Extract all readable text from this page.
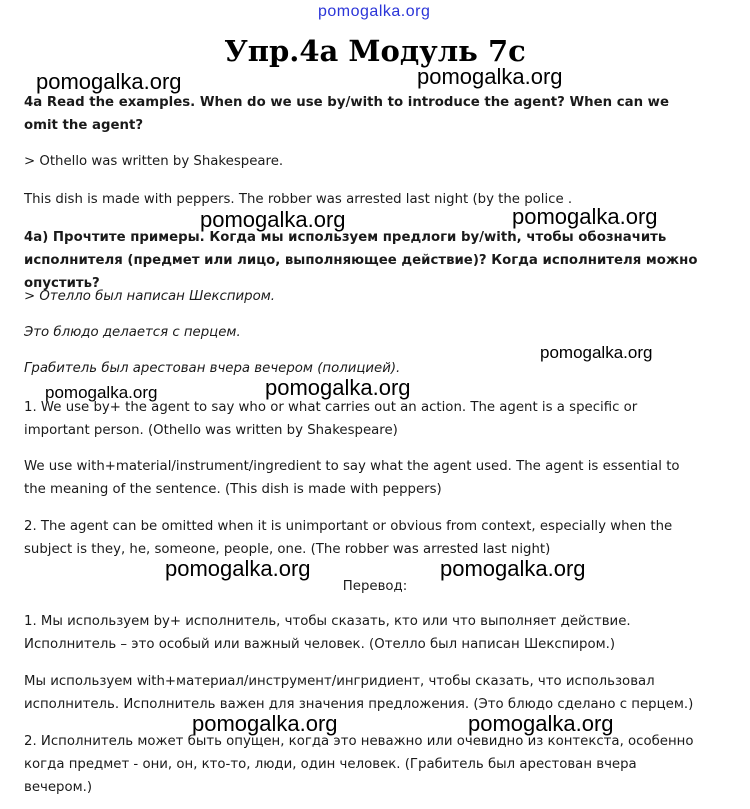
pomogalka.org
pomogalka.org	pomogalka.org
pomogalka.org	pomogalka.org
pomogalka.org
pomogalka.org	pomogalka.org
pomogalka.org	pomogalka.org
pomogalka.org	pomogalka.org
Упр.4а Модуль 7с

4a Read the examples. When do we use by/with to introduce the agent? When can we omit the agent?

> Othello was written by Shakespeare.

This dish is made with peppers. The robber was arrested last night (by the police .

4а) Прочтите примеры. Когда мы используем предлоги by/with, чтобы обозначить исполнителя (предмет или лицо, выполняющее действие)? Когда исполнителя можно опустить?

> Отелло был написан Шекспиром.

Это блюдо делается с перцем.

Грабитель был арестован вчера вечером (полицией).

1. We use by+ the agent to say who or what carries out an action. The agent is a specific or important person. (Othello was written by Shakespeare)

We use with+material/instrument/ingredient to say what the agent used. The agent is essential to the meaning of the sentence. (This dish is made with peppers)

2. The agent can be omitted when it is unimportant or obvious from context, especially when the subject is they, he, someone, people, one. (The robber was arrested last night)

Перевод:

1. Мы используем by+ исполнитель, чтобы сказать, кто или что выполняет действие. Исполнитель – это особый или важный человек. (Отелло был написан Шекспиром.)

Мы используем with+материал/инструмент/ингридиент, чтобы сказать, что использовал исполнитель. Исполнитель важен для значения предложения. (Это блюдо сделано с перцем.)

2. Исполнитель может быть опущен, когда это неважно или очевидно из контекста, особенно когда предмет - они, он, кто-то, люди, один человек. (Грабитель был арестован вчера вечером.)
